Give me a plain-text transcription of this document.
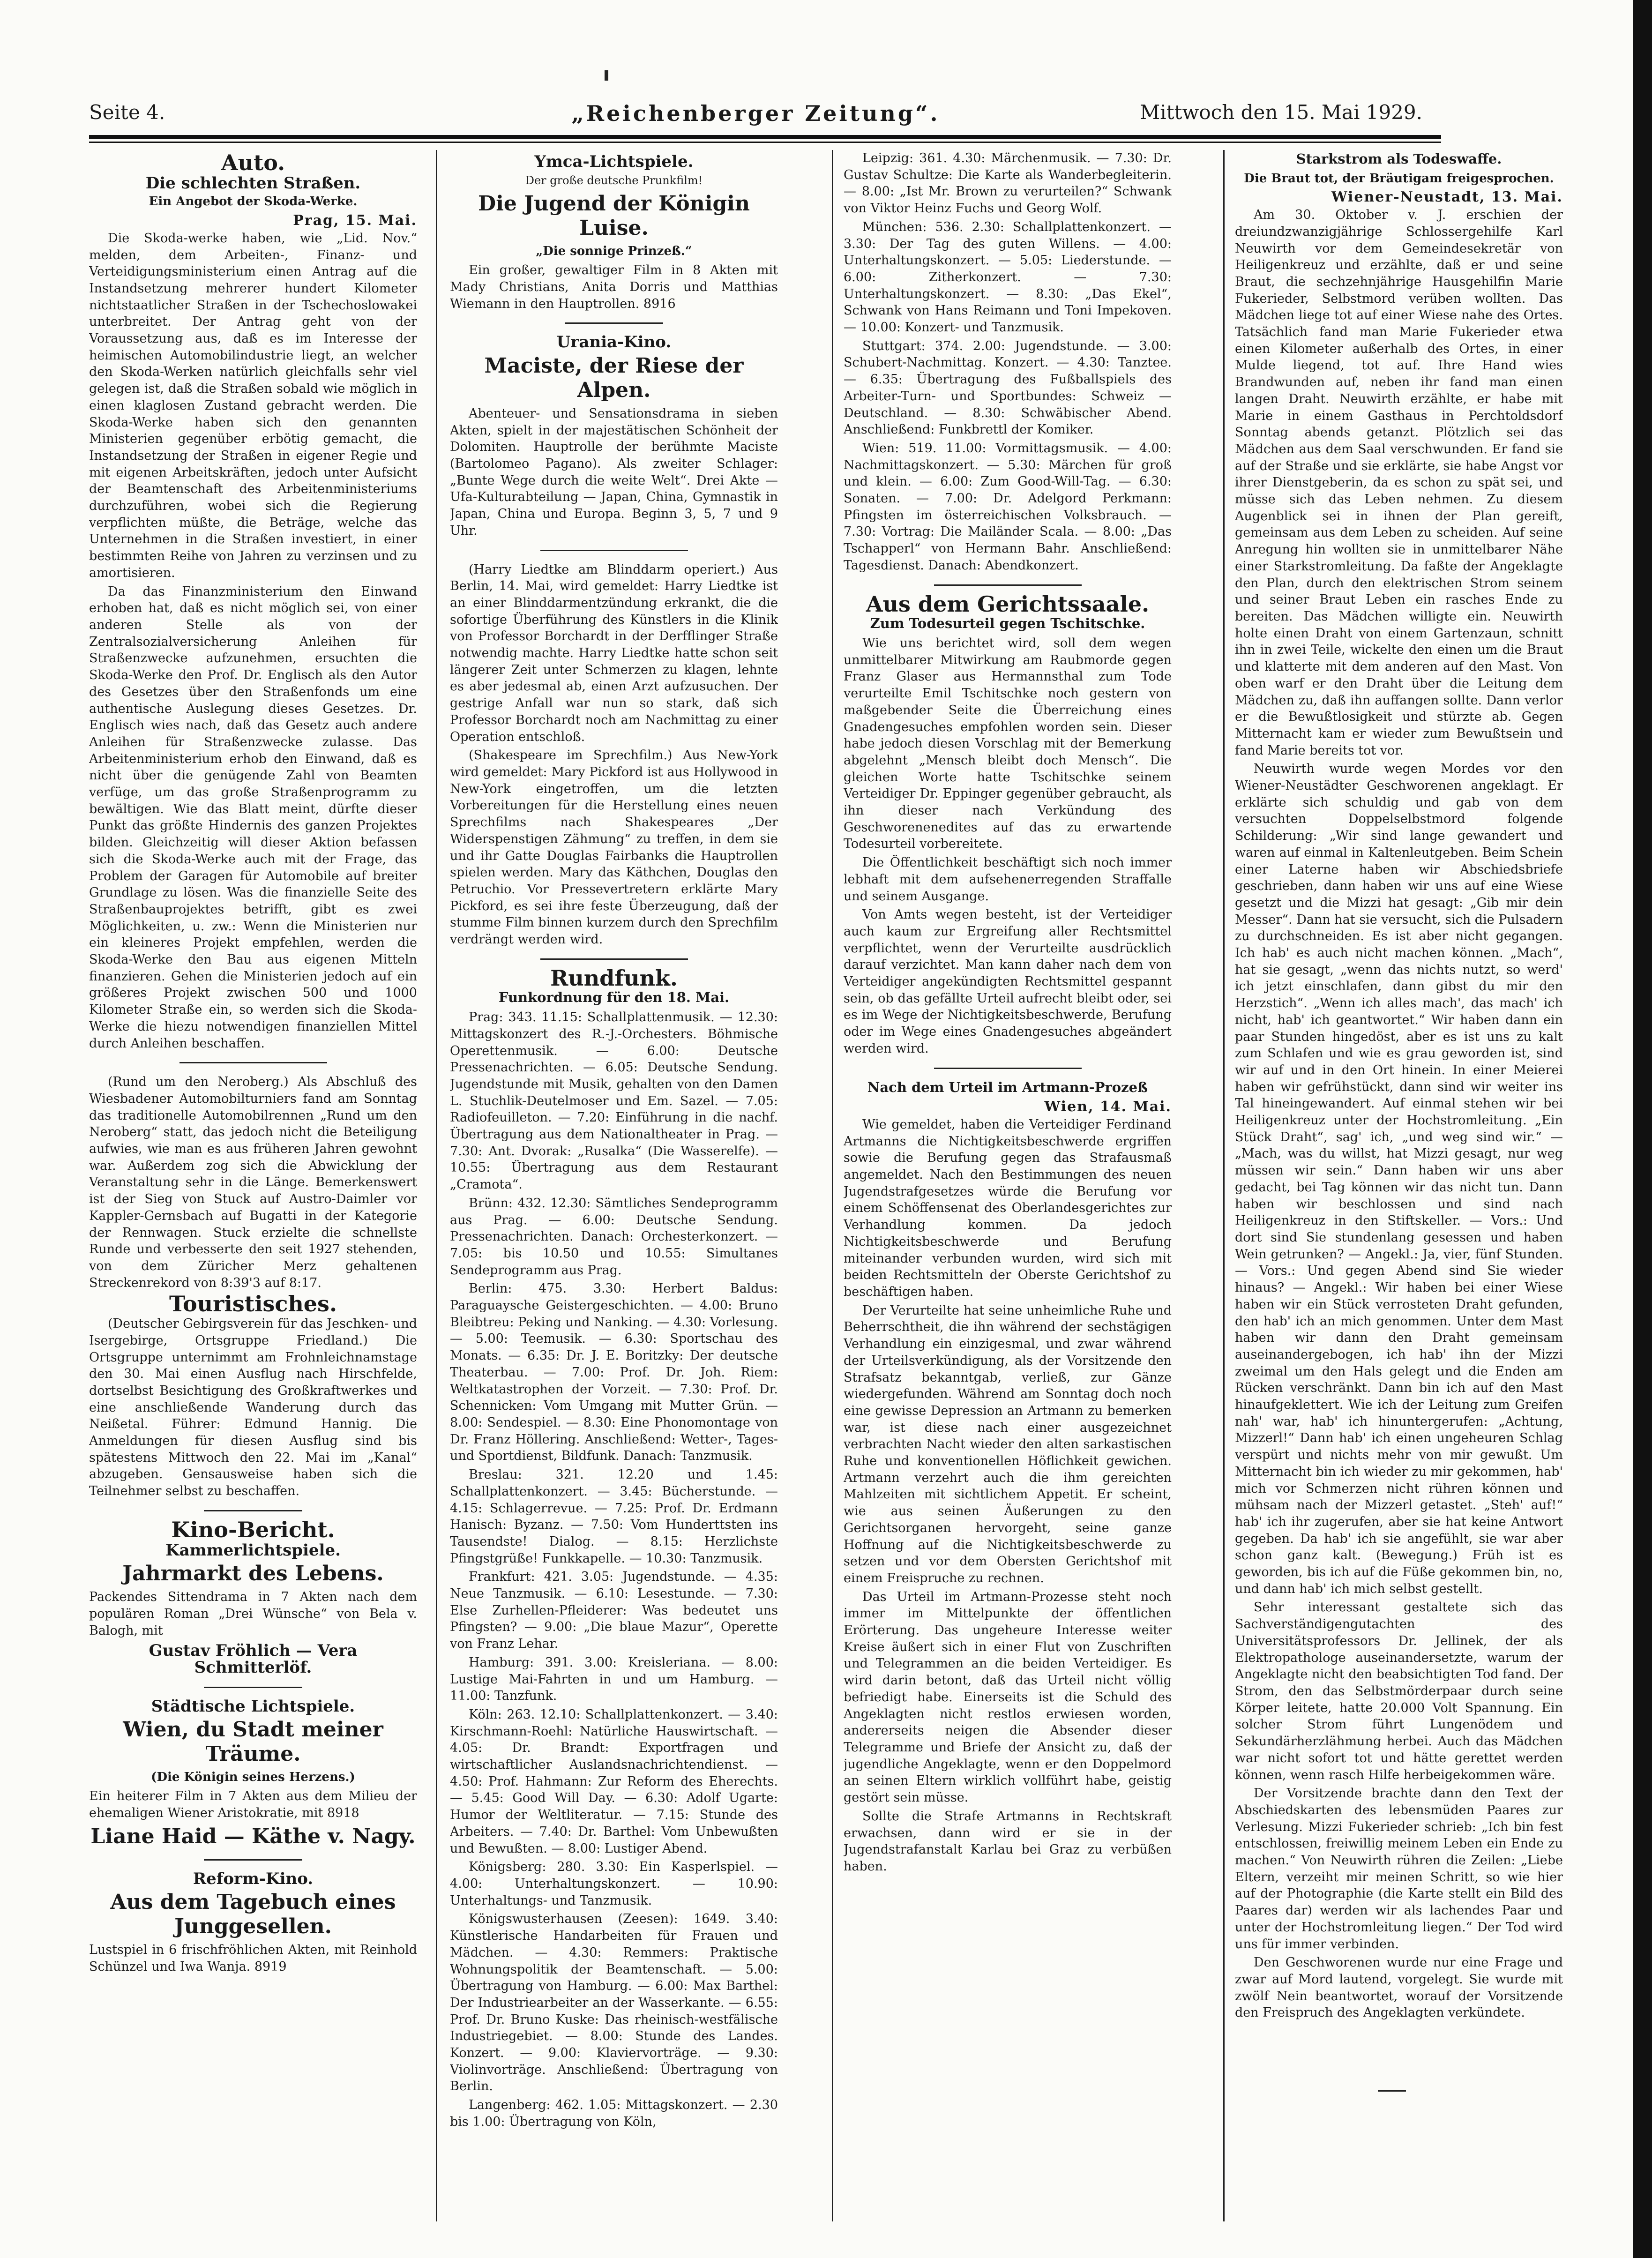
Seite 4.	„Reichenberger Zeitung“.	Mittwoch den 15. Mai 1929.
Auto.
Die schlechten Straßen.
Ein Angebot der Skoda-Werke.
Prag, 15. Mai.

Die Skoda-werke haben, wie „Lid. Nov.“ melden, dem Arbeiten-, Finanz- und Verteidigungsministerium einen Antrag auf die Instandsetzung mehrerer hundert Kilometer nichtstaatlicher Straßen in der Tschechoslowakei unterbreitet. Der Antrag geht von der Voraussetzung aus, daß es im Interesse der heimischen Automobilindustrie liegt, an welcher den Skoda-Werken natürlich gleichfalls sehr viel gelegen ist, daß die Straßen sobald wie möglich in einen klaglosen Zustand gebracht werden. Die Skoda-Werke haben sich den genannten Ministerien gegenüber erbötig gemacht, die Instandsetzung der Straßen in eigener Regie und mit eigenen Arbeitskräften, jedoch unter Aufsicht der Beamtenschaft des Arbeitenministeriums durchzuführen, wobei sich die Regierung verpflichten müßte, die Beträge, welche das Unternehmen in die Straßen investiert, in einer bestimmten Reihe von Jahren zu verzinsen und zu amortisieren.

Da das Finanzministerium den Einwand erhoben hat, daß es nicht möglich sei, von einer anderen Stelle als von der Zentralsozialversicherung Anleihen für Straßenzwecke aufzunehmen, ersuchten die Skoda-Werke den Prof. Dr. Englisch als den Autor des Gesetzes über den Straßenfonds um eine authentische Auslegung dieses Gesetzes. Dr. Englisch wies nach, daß das Gesetz auch andere Anleihen für Straßenzwecke zulasse. Das Arbeitenministerium erhob den Einwand, daß es nicht über die genügende Zahl von Beamten verfüge, um das große Straßenprogramm zu bewältigen. Wie das Blatt meint, dürfte dieser Punkt das größte Hindernis des ganzen Projektes bilden. Gleichzeitig will dieser Aktion befassen sich die Skoda-Werke auch mit der Frage, das Problem der Garagen für Automobile auf breiter Grundlage zu lösen. Was die finanzielle Seite des Straßenbauprojektes betrifft, gibt es zwei Möglichkeiten, u. zw.: Wenn die Ministerien nur ein kleineres Projekt empfehlen, werden die Skoda-Werke den Bau aus eigenen Mitteln finanzieren. Gehen die Ministerien jedoch auf ein größeres Projekt zwischen 500 und 1000 Kilometer Straße ein, so werden sich die Skoda-Werke die hiezu notwendigen finanziellen Mittel durch Anleihen beschaffen.

(Rund um den Neroberg.) Als Abschluß des Wiesbadener Automobilturniers fand am Sonntag das traditionelle Automobilrennen „Rund um den Neroberg“ statt, das jedoch nicht die Beteiligung aufwies, wie man es aus früheren Jahren gewohnt war. Außerdem zog sich die Abwicklung der Veranstaltung sehr in die Länge. Bemerkenswert ist der Sieg von Stuck auf Austro-Daimler vor Kappler-Gernsbach auf Bugatti in der Kategorie der Rennwagen. Stuck erzielte die schnellste Runde und verbesserte den seit 1927 stehenden, von dem Züricher Merz gehaltenen Streckenrekord von 8:39'3 auf 8:17.

Touristisches.

(Deutscher Gebirgsverein für das Jeschken- und Isergebirge, Ortsgruppe Friedland.) Die Ortsgruppe unternimmt am Frohnleichnamstage den 30. Mai einen Ausflug nach Hirschfelde, dortselbst Besichtigung des Großkraftwerkes und eine anschließende Wanderung durch das Neißetal. Führer: Edmund Hannig. Die Anmeldungen für diesen Ausflug sind bis spätestens Mittwoch den 22. Mai im „Kanal“ abzugeben. Gensausweise haben sich die Teilnehmer selbst zu beschaffen.

Kino-Bericht.
Kammerlichtspiele.
Jahrmarkt des Lebens.

Packendes Sittendrama in 7 Akten nach dem populären Roman „Drei Wünsche“ von Bela v. Balogh, mit

Gustav Fröhlich — Vera Schmitterlöf.
Städtische Lichtspiele.
Wien, du Stadt meiner Träume.
(Die Königin seines Herzens.)

Ein heiterer Film in 7 Akten aus dem Milieu der ehemaligen Wiener Aristokratie, mit 8918

Liane Haid — Käthe v. Nagy.
Reform-Kino.
Aus dem Tagebuch eines Junggesellen.

Lustspiel in 6 frischfröhlichen Akten, mit Reinhold Schünzel und Iwa Wanja. 8919

Ymca-Lichtspiele.
Der große deutsche Prunkfilm!
Die Jugend der Königin Luise.
„Die sonnige Prinzeß.“

Ein großer, gewaltiger Film in 8 Akten mit Mady Christians, Anita Dorris und Matthias Wiemann in den Hauptrollen. 8916

Urania-Kino.
Maciste, der Riese der Alpen.

Abenteuer- und Sensationsdrama in sieben Akten, spielt in der majestätischen Schönheit der Dolomiten. Hauptrolle der berühmte Maciste (Bartolomeo Pagano). Als zweiter Schlager: „Bunte Wege durch die weite Welt“. Drei Akte — Ufa-Kulturabteilung — Japan, China, Gymnastik in Japan, China und Europa. Beginn 3, 5, 7 und 9 Uhr.

(Harry Liedtke am Blinddarm operiert.) Aus Berlin, 14. Mai, wird gemeldet: Harry Liedtke ist an einer Blinddarmentzündung erkrankt, die die sofortige Überführung des Künstlers in die Klinik von Professor Borchardt in der Derfflinger Straße notwendig machte. Harry Liedtke hatte schon seit längerer Zeit unter Schmerzen zu klagen, lehnte es aber jedesmal ab, einen Arzt aufzusuchen. Der gestrige Anfall war nun so stark, daß sich Professor Borchardt noch am Nachmittag zu einer Operation entschloß.

(Shakespeare im Sprechfilm.) Aus New-York wird gemeldet: Mary Pickford ist aus Hollywood in New-York eingetroffen, um die letzten Vorbereitungen für die Herstellung eines neuen Sprechfilms nach Shakespeares „Der Widerspenstigen Zähmung“ zu treffen, in dem sie und ihr Gatte Douglas Fairbanks die Hauptrollen spielen werden. Mary das Käthchen, Douglas den Petruchio. Vor Pressevertretern erklärte Mary Pickford, es sei ihre feste Überzeugung, daß der stumme Film binnen kurzem durch den Sprechfilm verdrängt werden wird.

Rundfunk.
Funkordnung für den 18. Mai.

Prag: 343. 11.15: Schallplattenmusik. — 12.30: Mittagskonzert des R.-J.-Orchesters. Böhmische Operettenmusik. — 6.00: Deutsche Pressenachrichten. — 6.05: Deutsche Sendung. Jugendstunde mit Musik, gehalten von den Damen L. Stuchlik-Deutelmoser und Em. Sazel. — 7.05: Radiofeuilleton. — 7.20: Einführung in die nachf. Übertragung aus dem Nationaltheater in Prag. — 7.30: Ant. Dvorak: „Rusalka“ (Die Wasserelfe). — 10.55: Übertragung aus dem Restaurant „Cramota“.

Brünn: 432. 12.30: Sämtliches Sendeprogramm aus Prag. — 6.00: Deutsche Sendung. Pressenachrichten. Danach: Orchesterkonzert. — 7.05: bis 10.50 und 10.55: Simultanes Sendeprogramm aus Prag.

Berlin: 475. 3.30: Herbert Baldus: Paraguaysche Geistergeschichten. — 4.00: Bruno Bleibtreu: Peking und Nanking. — 4.30: Vorlesung. — 5.00: Teemusik. — 6.30: Sportschau des Monats. — 6.35: Dr. J. E. Boritzky: Der deutsche Theaterbau. — 7.00: Prof. Dr. Joh. Riem: Weltkatastrophen der Vorzeit. — 7.30: Prof. Dr. Schennicken: Vom Umgang mit Mutter Grün. — 8.00: Sendespiel. — 8.30: Eine Phonomontage von Dr. Franz Höllering. Anschließend: Wetter-, Tages- und Sportdienst, Bildfunk. Danach: Tanzmusik.

Breslau: 321. 12.20 und 1.45: Schallplattenkonzert. — 3.45: Bücherstunde. — 4.15: Schlagerrevue. — 7.25: Prof. Dr. Erdmann Hanisch: Byzanz. — 7.50: Vom Hunderttsten ins Tausendste! Dialog. — 8.15: Herzlichste Pfingstgrüße! Funkkapelle. — 10.30: Tanzmusik.

Frankfurt: 421. 3.05: Jugendstunde. — 4.35: Neue Tanzmusik. — 6.10: Lesestunde. — 7.30: Else Zurhellen-Pfleiderer: Was bedeutet uns Pfingsten? — 9.00: „Die blaue Mazur“, Operette von Franz Lehar.

Hamburg: 391. 3.00: Kreisleriana. — 8.00: Lustige Mai-Fahrten in und um Hamburg. — 11.00: Tanzfunk.

Köln: 263. 12.10: Schallplattenkonzert. — 3.40: Kirschmann-Roehl: Natürliche Hauswirtschaft. — 4.05: Dr. Brandt: Exportfragen und wirtschaftlicher Auslandsnachrichtendienst. — 4.50: Prof. Hahmann: Zur Reform des Eherechts. — 5.45: Good Will Day. — 6.30: Adolf Ugarte: Humor der Weltliteratur. — 7.15: Stunde des Arbeiters. — 7.40: Dr. Barthel: Vom Unbewußten und Bewußten. — 8.00: Lustiger Abend.

Königsberg: 280. 3.30: Ein Kasperlspiel. — 4.00: Unterhaltungskonzert. — 10.90: Unterhaltungs- und Tanzmusik.

Königswusterhausen (Zeesen): 1649. 3.40: Künstlerische Handarbeiten für Frauen und Mädchen. — 4.30: Remmers: Praktische Wohnungspolitik der Beamtenschaft. — 5.00: Übertragung von Hamburg. — 6.00: Max Barthel: Der Industriearbeiter an der Wasserkante. — 6.55: Prof. Dr. Bruno Kuske: Das rheinisch-westfälische Industriegebiet. — 8.00: Stunde des Landes. Konzert. — 9.00: Klaviervorträge. — 9.30: Violinvorträge. Anschließend: Übertragung von Berlin.

Langenberg: 462. 1.05: Mittagskonzert. — 2.30 bis 1.00: Übertragung von Köln,

Leipzig: 361. 4.30: Märchenmusik. — 7.30: Dr. Gustav Schultze: Die Karte als Wanderbegleiterin. — 8.00: „Ist Mr. Brown zu verurteilen?“ Schwank von Viktor Heinz Fuchs und Georg Wolf.

München: 536. 2.30: Schallplattenkonzert. — 3.30: Der Tag des guten Willens. — 4.00: Unterhaltungskonzert. — 5.05: Liederstunde. — 6.00: Zitherkonzert. — 7.30: Unterhaltungskonzert. — 8.30: „Das Ekel“, Schwank von Hans Reimann und Toni Impekoven. — 10.00: Konzert- und Tanzmusik.

Stuttgart: 374. 2.00: Jugendstunde. — 3.00: Schubert-Nachmittag. Konzert. — 4.30: Tanztee. — 6.35: Übertragung des Fußballspiels des Arbeiter-Turn- und Sportbundes: Schweiz — Deutschland. — 8.30: Schwäbischer Abend. Anschließend: Funkbrettl der Komiker.

Wien: 519. 11.00: Vormittagsmusik. — 4.00: Nachmittagskonzert. — 5.30: Märchen für groß und klein. — 6.00: Zum Good-Will-Tag. — 6.30: Sonaten. — 7.00: Dr. Adelgord Perkmann: Pfingsten im österreichischen Volksbrauch. — 7.30: Vortrag: Die Mailänder Scala. — 8.00: „Das Tschapperl“ von Hermann Bahr. Anschließend: Tagesdienst. Danach: Abendkonzert.

Aus dem Gerichtssaale.
Zum Todesurteil gegen Tschitschke.

Wie uns berichtet wird, soll dem wegen unmittelbarer Mitwirkung am Raubmorde gegen Franz Glaser aus Hermannsthal zum Tode verurteilte Emil Tschitschke noch gestern von maßgebender Seite die Überreichung eines Gnadengesuches empfohlen worden sein. Dieser habe jedoch diesen Vorschlag mit der Bemerkung abgelehnt „Mensch bleibt doch Mensch“. Die gleichen Worte hatte Tschitschke seinem Verteidiger Dr. Eppinger gegenüber gebraucht, als ihn dieser nach Verkündung des Geschworenenedites auf das zu erwartende Todesurteil vorbereitete.

Die Öffentlichkeit beschäftigt sich noch immer lebhaft mit dem aufsehenerregenden Straffalle und seinem Ausgange.

Von Amts wegen besteht, ist der Verteidiger auch kaum zur Ergreifung aller Rechtsmittel verpflichtet, wenn der Verurteilte ausdrücklich darauf verzichtet. Man kann daher nach dem von Verteidiger angekündigten Rechtsmittel gespannt sein, ob das gefällte Urteil aufrecht bleibt oder, sei es im Wege der Nichtigkeitsbeschwerde, Berufung oder im Wege eines Gnadengesuches abgeändert werden wird.

Nach dem Urteil im Artmann-Prozeß
Wien, 14. Mai.

Wie gemeldet, haben die Verteidiger Ferdinand Artmanns die Nichtigkeitsbeschwerde ergriffen sowie die Berufung gegen das Strafausmaß angemeldet. Nach den Bestimmungen des neuen Jugendstrafgesetzes würde die Berufung vor einem Schöffensenat des Oberlandesgerichtes zur Verhandlung kommen. Da jedoch Nichtigkeitsbeschwerde und Berufung miteinander verbunden wurden, wird sich mit beiden Rechtsmitteln der Oberste Gerichtshof zu beschäftigen haben.

Der Verurteilte hat seine unheimliche Ruhe und Beherrschtheit, die ihn während der sechstägigen Verhandlung ein einzigesmal, und zwar während der Urteilsverkündigung, als der Vorsitzende den Strafsatz bekanntgab, verließ, zur Gänze wiedergefunden. Während am Sonntag doch noch eine gewisse Depression an Artmann zu bemerken war, ist diese nach einer ausgezeichnet verbrachten Nacht wieder den alten sarkastischen Ruhe und konventionellen Höflichkeit gewichen. Artmann verzehrt auch die ihm gereichten Mahlzeiten mit sichtlichem Appetit. Er scheint, wie aus seinen Äußerungen zu den Gerichtsorganen hervorgeht, seine ganze Hoffnung auf die Nichtigkeitsbeschwerde zu setzen und vor dem Obersten Gerichtshof mit einem Freispruche zu rechnen.

Das Urteil im Artmann-Prozesse steht noch immer im Mittelpunkte der öffentlichen Erörterung. Das ungeheure Interesse weiter Kreise äußert sich in einer Flut von Zuschriften und Telegrammen an die beiden Verteidiger. Es wird darin betont, daß das Urteil nicht völlig befriedigt habe. Einerseits ist die Schuld des Angeklagten nicht restlos erwiesen worden, andererseits neigen die Absender dieser Telegramme und Briefe der Ansicht zu, daß der jugendliche Angeklagte, wenn er den Doppelmord an seinen Eltern wirklich vollführt habe, geistig gestört sein müsse.

Sollte die Strafe Artmanns in Rechtskraft erwachsen, dann wird er sie in der Jugendstrafanstalt Karlau bei Graz zu verbüßen haben.

Starkstrom als Todeswaffe.
Die Braut tot, der Bräutigam freigesprochen.
Wiener-Neustadt, 13. Mai.

Am 30. Oktober v. J. erschien der dreiundzwanzigjährige Schlossergehilfe Karl Neuwirth vor dem Gemeindesekretär von Heiligenkreuz und erzählte, daß er und seine Braut, die sechzehnjährige Hausgehilfin Marie Fukerieder, Selbstmord verüben wollten. Das Mädchen liege tot auf einer Wiese nahe des Ortes. Tatsächlich fand man Marie Fukerieder etwa einen Kilometer außerhalb des Ortes, in einer Mulde liegend, tot auf. Ihre Hand wies Brandwunden auf, neben ihr fand man einen langen Draht. Neuwirth erzählte, er habe mit Marie in einem Gasthaus in Perchtoldsdorf Sonntag abends getanzt. Plötzlich sei das Mädchen aus dem Saal verschwunden. Er fand sie auf der Straße und sie erklärte, sie habe Angst vor ihrer Dienstgeberin, da es schon zu spät sei, und müsse sich das Leben nehmen. Zu diesem Augenblick sei in ihnen der Plan gereift, gemeinsam aus dem Leben zu scheiden. Auf seine Anregung hin wollten sie in unmittelbarer Nähe einer Starkstromleitung. Da faßte der Angeklagte den Plan, durch den elektrischen Strom seinem und seiner Braut Leben ein rasches Ende zu bereiten. Das Mädchen willigte ein. Neuwirth holte einen Draht von einem Gartenzaun, schnitt ihn in zwei Teile, wickelte den einen um die Braut und klatterte mit dem anderen auf den Mast. Von oben warf er den Draht über die Leitung dem Mädchen zu, daß ihn auffangen sollte. Dann verlor er die Bewußtlosigkeit und stürzte ab. Gegen Mitternacht kam er wieder zum Bewußtsein und fand Marie bereits tot vor.

Neuwirth wurde wegen Mordes vor den Wiener-Neustädter Geschworenen angeklagt. Er erklärte sich schuldig und gab von dem versuchten Doppelselbstmord folgende Schilderung: „Wir sind lange gewandert und waren auf einmal in Kaltenleutgeben. Beim Schein einer Laterne haben wir Abschiedsbriefe geschrieben, dann haben wir uns auf eine Wiese gesetzt und die Mizzi hat gesagt: „Gib mir dein Messer“. Dann hat sie versucht, sich die Pulsadern zu durchschneiden. Es ist aber nicht gegangen. Ich hab' es auch nicht machen können. „Mach“, hat sie gesagt, „wenn das nichts nutzt, so werd' ich jetzt einschlafen, dann gibst du mir den Herzstich“. „Wenn ich alles mach', das mach' ich nicht, hab' ich geantwortet.“ Wir haben dann ein paar Stunden hingedöst, aber es ist uns zu kalt zum Schlafen und wie es grau geworden ist, sind wir auf und in den Ort hinein. In einer Meierei haben wir gefrühstückt, dann sind wir weiter ins Tal hineingewandert. Auf einmal stehen wir bei Heiligenkreuz unter der Hochstromleitung. „Ein Stück Draht“, sag' ich, „und weg sind wir.“ — „Mach, was du willst, hat Mizzi gesagt, nur weg müssen wir sein.“ Dann haben wir uns aber gedacht, bei Tag können wir das nicht tun. Dann haben wir beschlossen und sind nach Heiligenkreuz in den Stiftskeller. — Vors.: Und dort sind Sie stundenlang gesessen und haben Wein getrunken? — Angekl.: Ja, vier, fünf Stunden. — Vors.: Und gegen Abend sind Sie wieder hinaus? — Angekl.: Wir haben bei einer Wiese haben wir ein Stück verrosteten Draht gefunden, den hab' ich an mich genommen. Unter dem Mast haben wir dann den Draht gemeinsam auseinandergebogen, ich hab' ihn der Mizzi zweimal um den Hals gelegt und die Enden am Rücken verschränkt. Dann bin ich auf den Mast hinaufgeklettert. Wie ich der Leitung zum Greifen nah' war, hab' ich hinuntergerufen: „Achtung, Mizzerl!“ Dann hab' ich einen ungeheuren Schlag verspürt und nichts mehr von mir gewußt. Um Mitternacht bin ich wieder zu mir gekommen, hab' mich vor Schmerzen nicht rühren können und mühsam nach der Mizzerl getastet. „Steh' auf!“ hab' ich ihr zugerufen, aber sie hat keine Antwort gegeben. Da hab' ich sie angefühlt, sie war aber schon ganz kalt. (Bewegung.) Früh ist es geworden, bis ich auf die Füße gekommen bin, no, und dann hab' ich mich selbst gestellt.

Sehr interessant gestaltete sich das Sachverständigengutachten des Universitätsprofessors Dr. Jellinek, der als Elektropathologe auseinandersetzte, warum der Angeklagte nicht den beabsichtigten Tod fand. Der Strom, den das Selbstmörderpaar durch seine Körper leitete, hatte 20.000 Volt Spannung. Ein solcher Strom führt Lungenödem und Sekundärherzlähmung herbei. Auch das Mädchen war nicht sofort tot und hätte gerettet werden können, wenn rasch Hilfe herbeigekommen wäre.

Der Vorsitzende brachte dann den Text der Abschiedskarten des lebensmüden Paares zur Verlesung. Mizzi Fukerieder schrieb: „Ich bin fest entschlossen, freiwillig meinem Leben ein Ende zu machen.“ Von Neuwirth rühren die Zeilen: „Liebe Eltern, verzeiht mir meinen Schritt, so wie hier auf der Photographie (die Karte stellt ein Bild des Paares dar) werden wir als lachendes Paar und unter der Hochstromleitung liegen.“ Der Tod wird uns für immer verbinden.

Den Geschworenen wurde nur eine Frage und zwar auf Mord lautend, vorgelegt. Sie wurde mit zwölf Nein beantwortet, worauf der Vorsitzende den Freispruch des Angeklagten verkündete.
